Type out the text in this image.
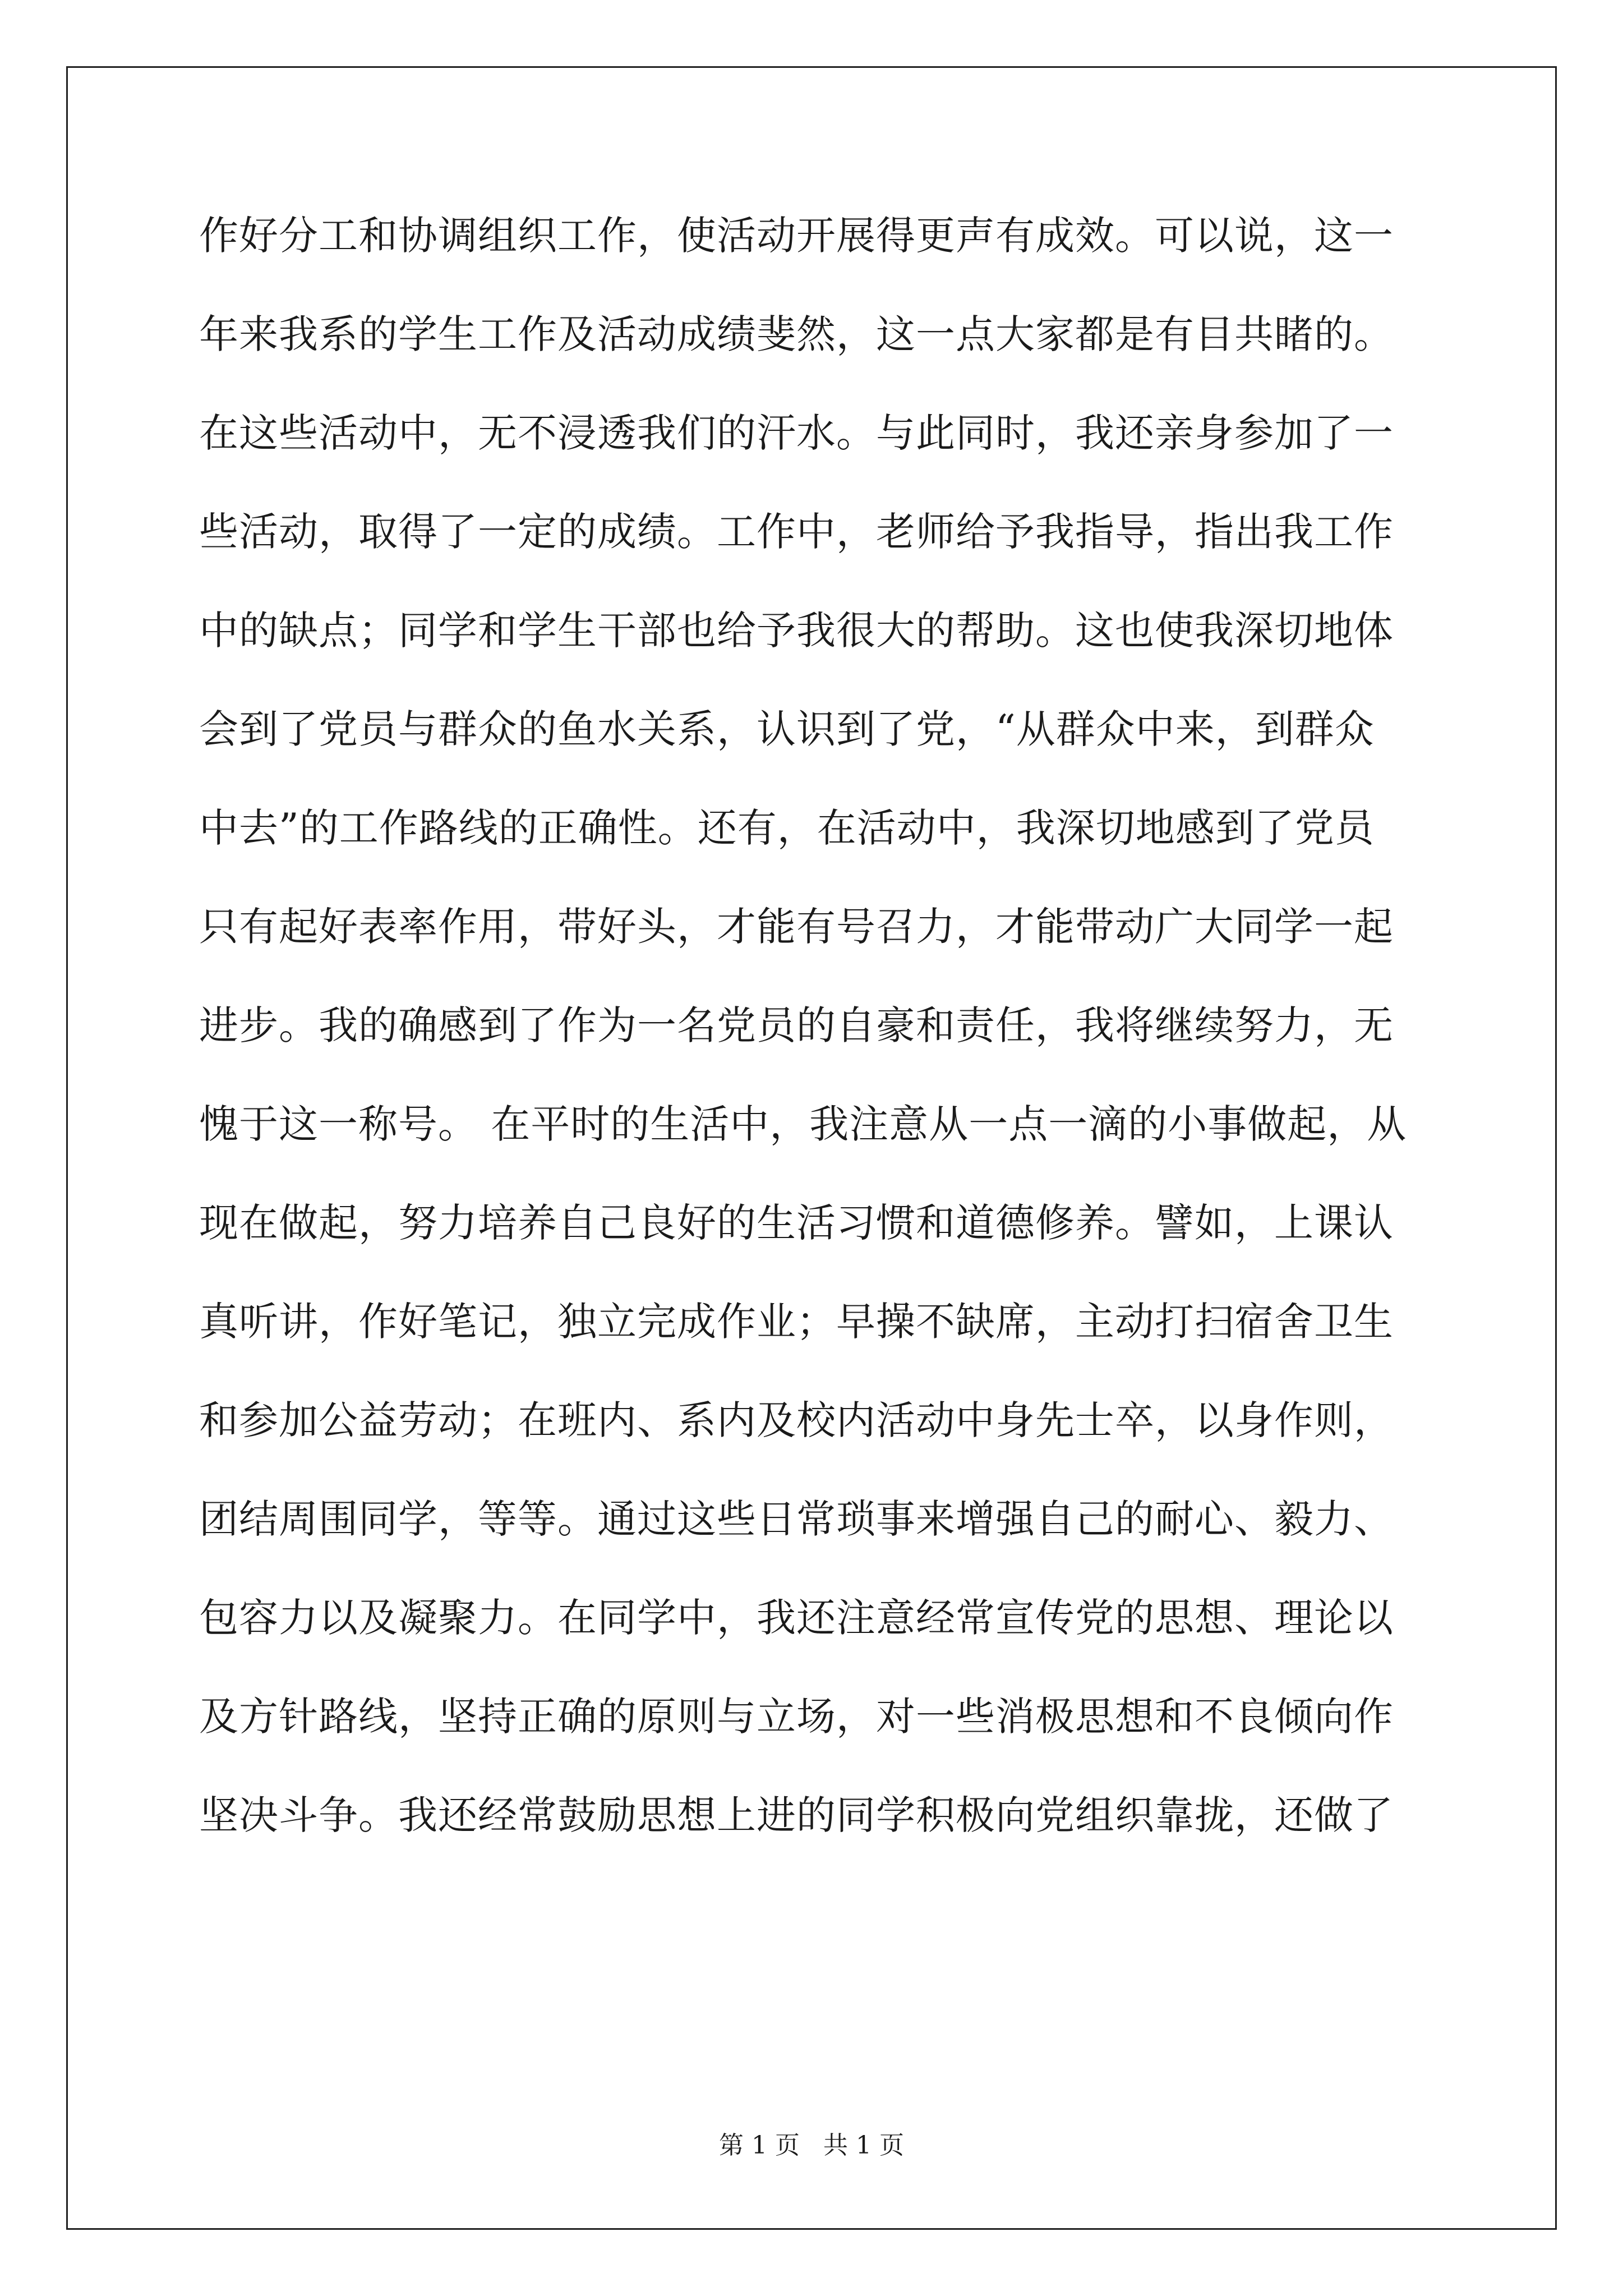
作好分工和协调组织工作，使活动开展得更声有成效。可以说，这一
年来我系的学生工作及活动成绩斐然，这一点大家都是有目共睹的。
在这些活动中，无不浸透我们的汗水。与此同时，我还亲身参加了一
些活动，取得了一定的成绩。工作中，老师给予我指导，指出我工作
中的缺点；同学和学生干部也给予我很大的帮助。这也使我深切地体
会到了党员与群众的鱼水关系，认识到了党，“从群众中来，到群众
中去”的工作路线的正确性。还有，在活动中，我深切地感到了党员
只有起好表率作用，带好头，才能有号召力，才能带动广大同学一起
进步。我的确感到了作为一名党员的自豪和责任，我将继续努力，无
愧于这一称号。 在平时的生活中，我注意从一点一滴的小事做起，从
现在做起，努力培养自己良好的生活习惯和道德修养。譬如，上课认
真听讲，作好笔记，独立完成作业；早操不缺席，主动打扫宿舍卫生
和参加公益劳动；在班内、系内及校内活动中身先士卒，以身作则，
团结周围同学，等等。通过这些日常琐事来增强自己的耐心、毅力、
包容力以及凝聚力。在同学中，我还注意经常宣传党的思想、理论以
及方针路线，坚持正确的原则与立场，对一些消极思想和不良倾向作
坚决斗争。我还经常鼓励思想上进的同学积极向党组织靠拢，还做了
第 1 页   共 1 页
